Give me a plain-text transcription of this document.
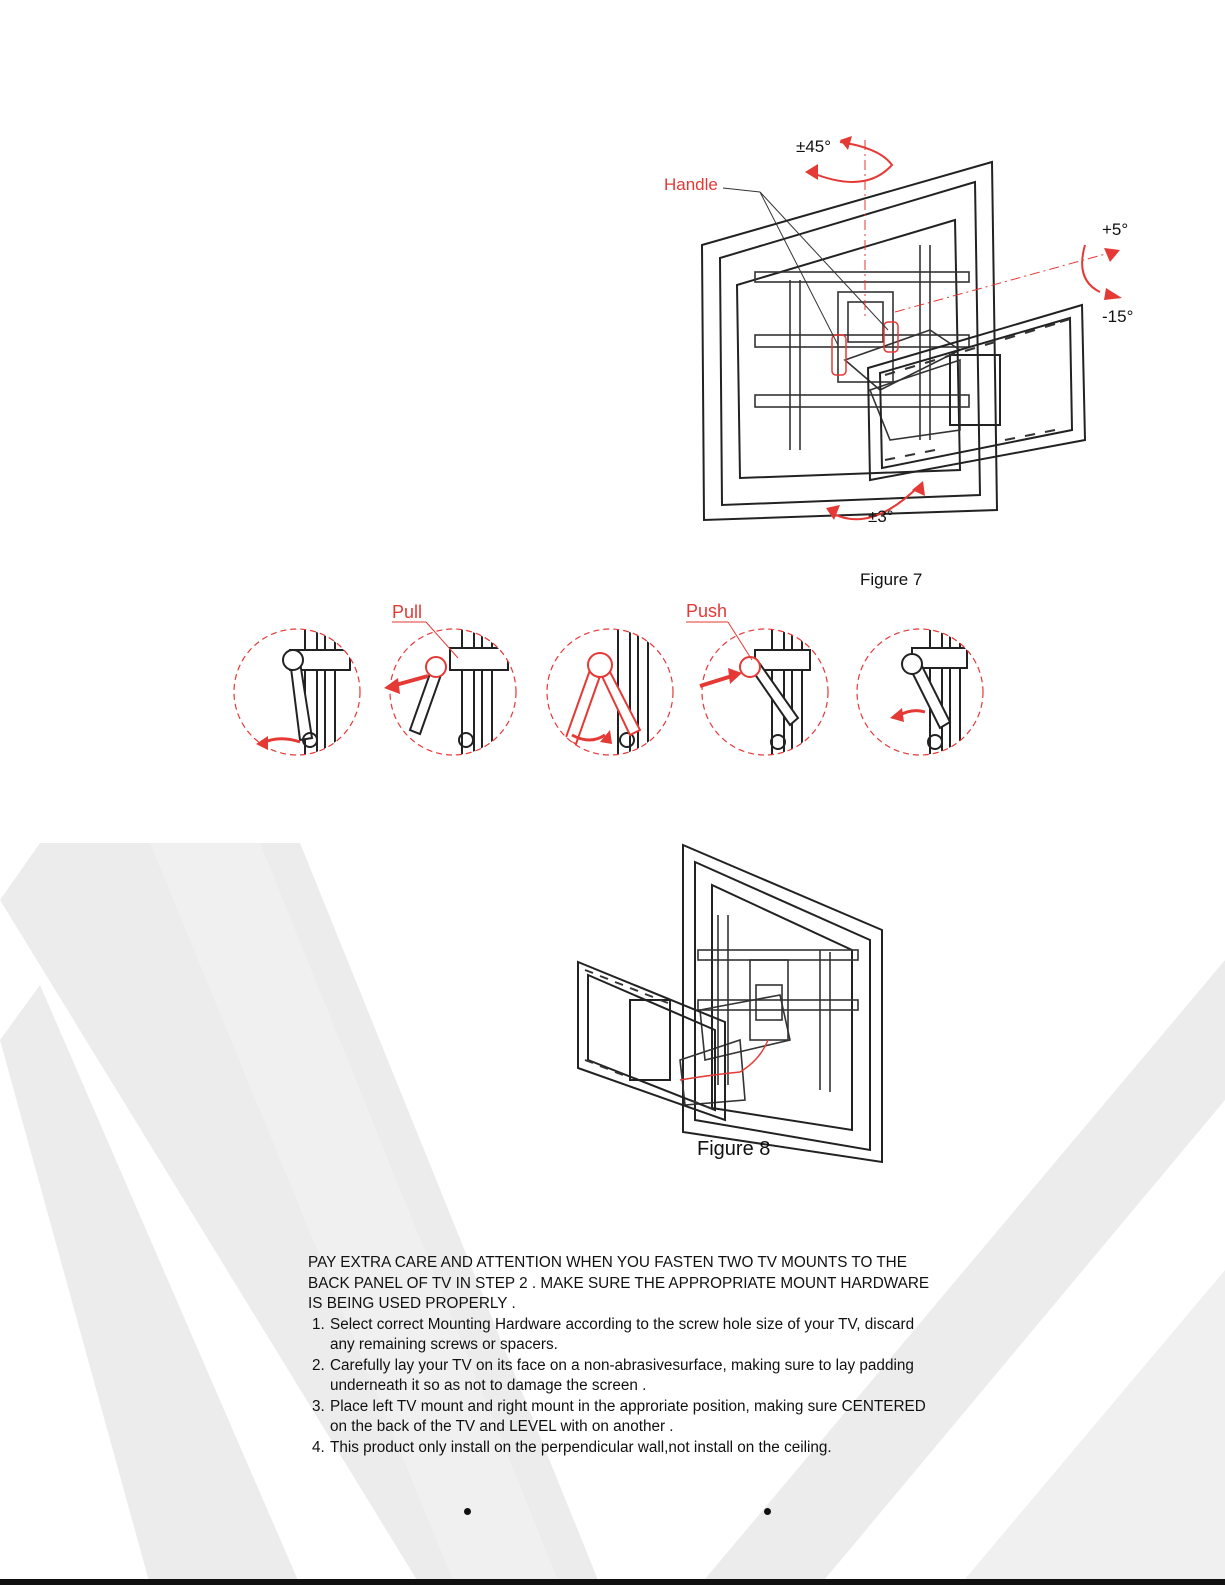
Handle
±45°
+5°
-15°
±3°
Figure 7
Pull	Push
Figure 8

PAY EXTRA CARE AND ATTENTION WHEN YOU FASTEN TWO TV MOUNTS TO THE BACK PANEL OF TV IN STEP 2 . MAKE SURE THE APPROPRIATE MOUNT HARDWARE IS BEING USED PROPERLY .

1. Select correct Mounting Hardware according to the screw hole size of your TV, discard any remaining screws or spacers.
2. Carefully lay your TV on its face on a non-abrasivesurface, making sure to lay padding underneath it so as not to damage the screen .
3. Place left TV mount and right mount in the approriate position, making sure CENTERED on the back of the TV and LEVEL with on another .
4. This product only install on the perpendicular wall,not install on the ceiling.
